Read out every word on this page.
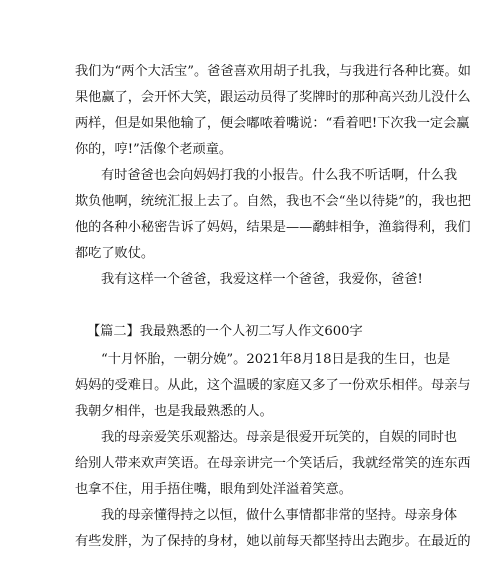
我们为“两个大活宝”。爸爸喜欢用胡子扎我，与我进行各种比赛。如
果他赢了，会开怀大笑，跟运动员得了奖牌时的那种高兴劲儿没什么
两样，但是如果他输了，便会嘟哝着嘴说：“看着吧!下次我一定会赢
你的，哼!”活像个老顽童。
有时爸爸也会向妈妈打我的小报告。什么我不听话啊，什么我
欺负他啊，统统汇报上去了。自然，我也不会“坐以待毙”的，我也把
他的各种小秘密告诉了妈妈，结果是——鹬蚌相争，渔翁得利，我们
都吃了败仗。
我有这样一个爸爸，我爱这样一个爸爸，我爱你，爸爸!
【篇二】我最熟悉的一个人初二写人作文600字
“十月怀胎，一朝分娩”。2021年8月18日是我的生日，也是
妈妈的受难日。从此，这个温暖的家庭又多了一份欢乐相伴。母亲与
我朝夕相伴，也是我最熟悉的人。
我的母亲爱笑乐观豁达。母亲是很爱开玩笑的，自娱的同时也
给别人带来欢声笑语。在母亲讲完一个笑话后，我就经常笑的连东西
也拿不住，用手捂住嘴，眼角到处洋溢着笑意。
我的母亲懂得持之以恒，做什么事情都非常的坚持。母亲身体
有些发胖，为了保持的身材，她以前每天都坚持出去跑步。在最近的
